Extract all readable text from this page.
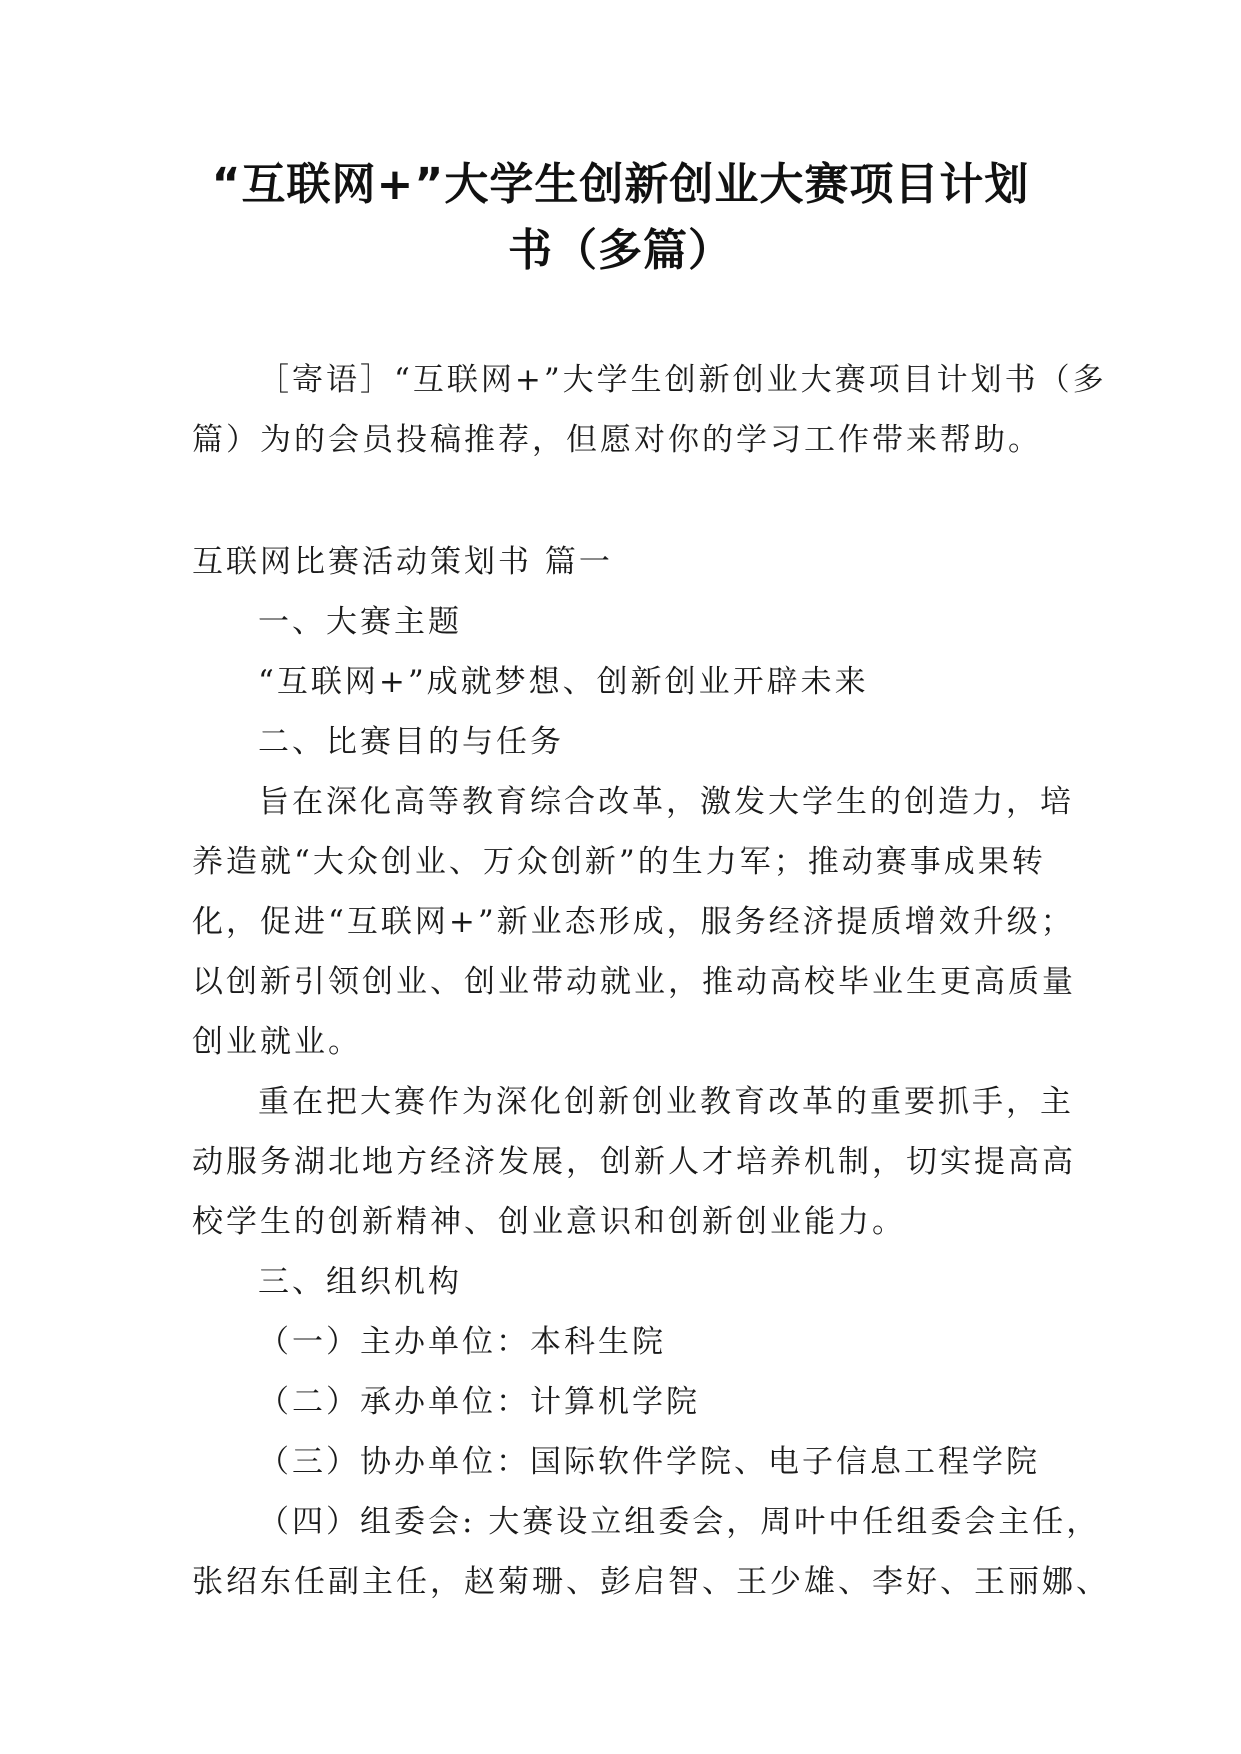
“互联网+”大学生创新创业大赛项目计划
书（多篇）
［寄语］“互联网+”大学生创新创业大赛项目计划书（多
篇）为的会员投稿推荐，但愿对你的学习工作带来帮助。
互联网比赛活动策划书 篇一
一、大赛主题
“互联网+”成就梦想、创新创业开辟未来
二、比赛目的与任务
旨在深化高等教育综合改革，激发大学生的创造力，培
养造就“大众创业、万众创新”的生力军；推动赛事成果转
化，促进“互联网+”新业态形成，服务经济提质增效升级；
以创新引领创业、创业带动就业，推动高校毕业生更高质量
创业就业。
重在把大赛作为深化创新创业教育改革的重要抓手，主
动服务湖北地方经济发展，创新人才培养机制，切实提高高
校学生的创新精神、创业意识和创新创业能力。
三、组织机构
（一）主办单位：本科生院
（二）承办单位：计算机学院
（三）协办单位：国际软件学院、电子信息工程学院
（四）组委会: 大赛设立组委会，周叶中任组委会主任，
张绍东任副主任，赵菊珊、彭启智、王少雄、李好、王丽娜、
